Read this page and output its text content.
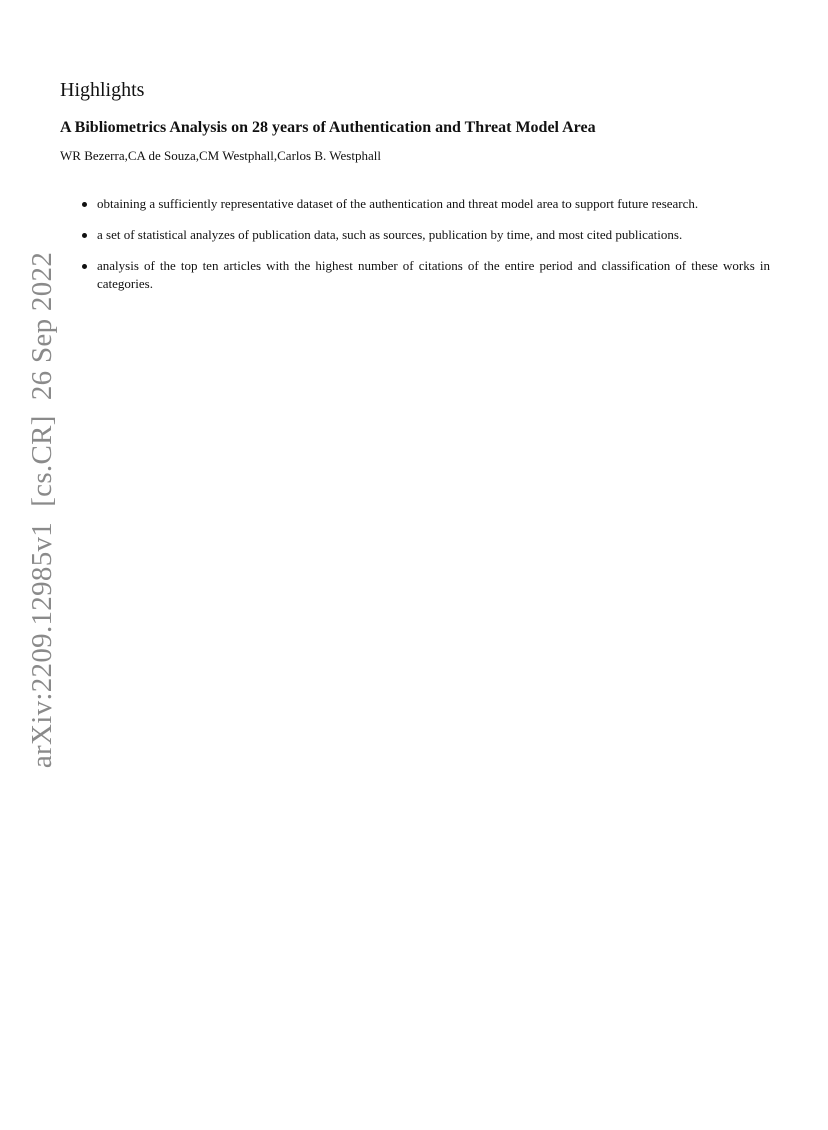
Highlights
A Bibliometrics Analysis on 28 years of Authentication and Threat Model Area

WR Bezerra,CA de Souza,CM Westphall,Carlos B. Westphall

obtaining a sufficiently representative dataset of the authentication and threat model area to support future research.
a set of statistical analyzes of publication data, such as sources, publication by time, and most cited publications.
analysis of the top ten articles with the highest number of citations of the entire period and classification of these works in categories.
arXiv:2209.12985v1  [cs.CR]  26 Sep 2022
